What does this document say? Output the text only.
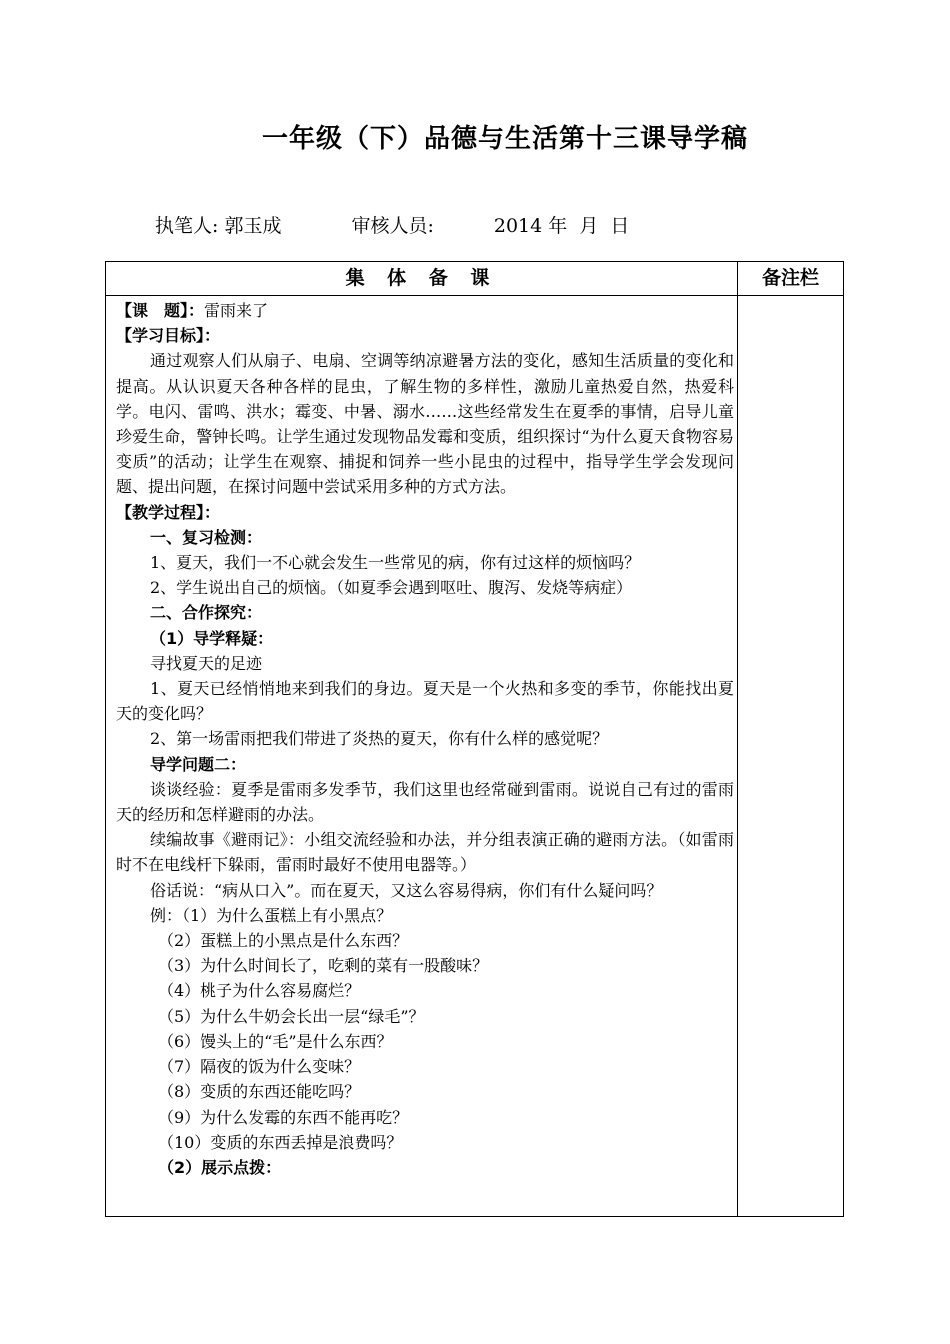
一年级（下）品德与生活第十三课导学稿
执笔人: 郭玉成	审核人员:	2014 年  月  日
集 体 备 课	备注栏

【课　题】：雷雨来了

【学习目标】：

通过观察人们从扇子、电扇、空调等纳凉避暑方法的变化，感知生活质量的变化和提高。从认识夏天各种各样的昆虫，了解生物的多样性，激励儿童热爱自然，热爱科学。电闪、雷鸣、洪水；霉变、中暑、溺水……这些经常发生在夏季的事情，启导儿童珍爱生命，警钟长鸣。让学生通过发现物品发霉和变质，组织探讨“为什么夏天食物容易变质”的活动；让学生在观察、捕捉和饲养一些小昆虫的过程中，指导学生学会发现问题、提出问题，在探讨问题中尝试采用多种的方式方法。

【教学过程】：

一、复习检测：

1、夏天，我们一不心就会发生一些常见的病，你有过这样的烦恼吗？

2、学生说出自己的烦恼。（如夏季会遇到呕吐、腹泻、发烧等病症）

二、合作探究：

（1）导学释疑：

寻找夏天的足迹

1、夏天已经悄悄地来到我们的身边。夏天是一个火热和多变的季节，你能找出夏天的变化吗？

2、第一场雷雨把我们带进了炎热的夏天，你有什么样的感觉呢？

导学问题二：

谈谈经验：夏季是雷雨多发季节，我们这里也经常碰到雷雨。说说自己有过的雷雨天的经历和怎样避雨的办法。

续编故事《避雨记》：小组交流经验和办法，并分组表演正确的避雨方法。（如雷雨时不在电线杆下躲雨，雷雨时最好不使用电器等。）

俗话说：“病从口入”。而在夏天，又这么容易得病，你们有什么疑问吗？

例：（1）为什么蛋糕上有小黑点？

（2）蛋糕上的小黑点是什么东西？

（3）为什么时间长了，吃剩的菜有一股酸味？

（4）桃子为什么容易腐烂？

（5）为什么牛奶会长出一层“绿毛”？

（6）馒头上的“毛”是什么东西？

（7）隔夜的饭为什么变味？

（8）变质的东西还能吃吗？

（9）为什么发霉的东西不能再吃？

（10）变质的东西丢掉是浪费吗？

（2）展示点拨：
